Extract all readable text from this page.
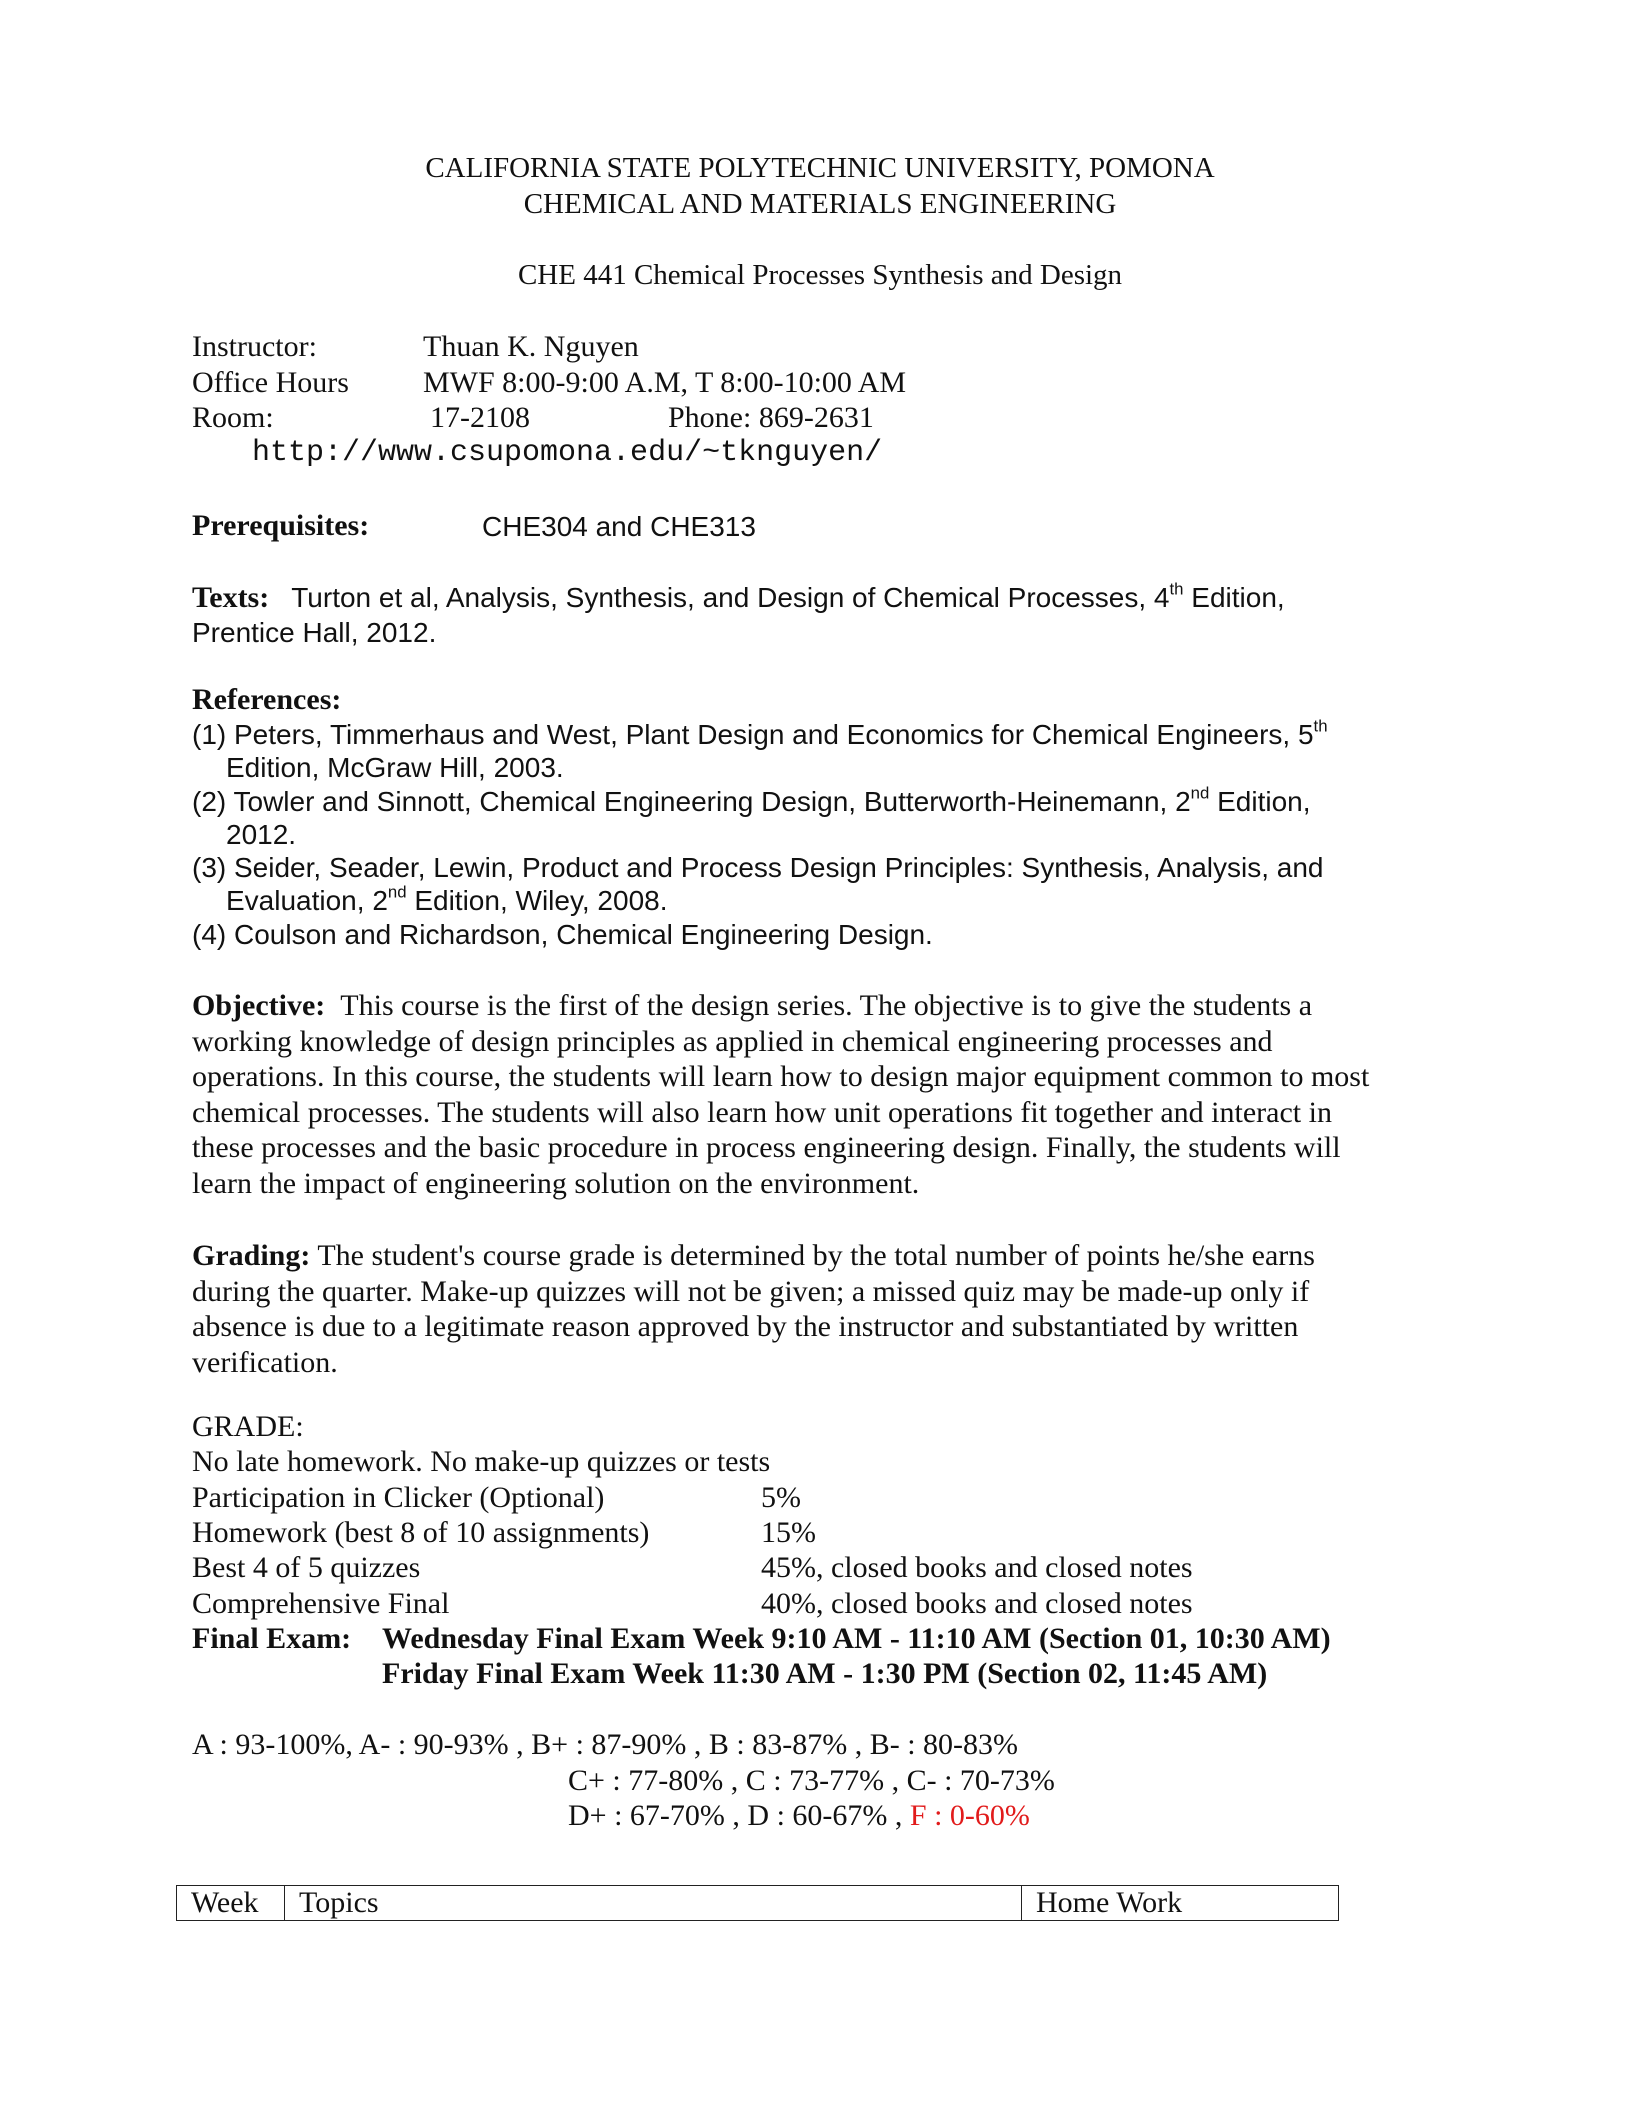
CALIFORNIA STATE POLYTECHNIC UNIVERSITY, POMONA
CHEMICAL AND MATERIALS ENGINEERING
CHE 441 Chemical Processes Synthesis and Design
Instructor:	Thuan K. Nguyen
Office Hours MWF 8:00-9:00 A.M, T 8:00-10:00 AM
Room:	17-2108	Phone: 869-2631
http://www.csupomona.edu/~tknguyen/
Prerequisites:	CHE304 and CHE313
Texts: Turton et al, Analysis, Synthesis, and Design of Chemical Processes, 4th Edition,
Prentice Hall, 2012.
References:
(1) Peters, Timmerhaus and West, Plant Design and Economics for Chemical Engineers, 5th
Edition, McGraw Hill, 2003.
(2) Towler and Sinnott, Chemical Engineering Design, Butterworth-Heinemann, 2nd Edition,
2012.
(3) Seider, Seader, Lewin, Product and Process Design Principles: Synthesis, Analysis, and
Evaluation, 2nd Edition, Wiley, 2008.
(4) Coulson and Richardson, Chemical Engineering Design.
Objective: This course is the first of the design series. The objective is to give the students a
working knowledge of design principles as applied in chemical engineering processes and
operations. In this course, the students will learn how to design major equipment common to most
chemical processes. The students will also learn how unit operations fit together and interact in
these processes and the basic procedure in process engineering design. Finally, the students will
learn the impact of engineering solution on the environment.
Grading: The student's course grade is determined by the total number of points he/she earns
during the quarter. Make-up quizzes will not be given; a missed quiz may be made-up only if
absence is due to a legitimate reason approved by the instructor and substantiated by written
verification.
GRADE:
No late homework. No make-up quizzes or tests
Participation in Clicker (Optional)	5%
Homework (best 8 of 10 assignments)	15%
Best 4 of 5 quizzes	45%, closed books and closed notes
Comprehensive Final	40%, closed books and closed notes
Final Exam: Wednesday Final Exam Week 9:10 AM - 11:10 AM (Section 01, 10:30 AM)
Friday Final Exam Week 11:30 AM - 1:30 PM (Section 02, 11:45 AM)
A : 93-100%, A- : 90-93% , B+ : 87-90% , B : 83-87% , B- : 80-83%
C+ : 77-80% , C : 73-77% , C- : 70-73%
D+ : 67-70% , D : 60-67% , F : 0-60%
Week	Topics	Home Work
